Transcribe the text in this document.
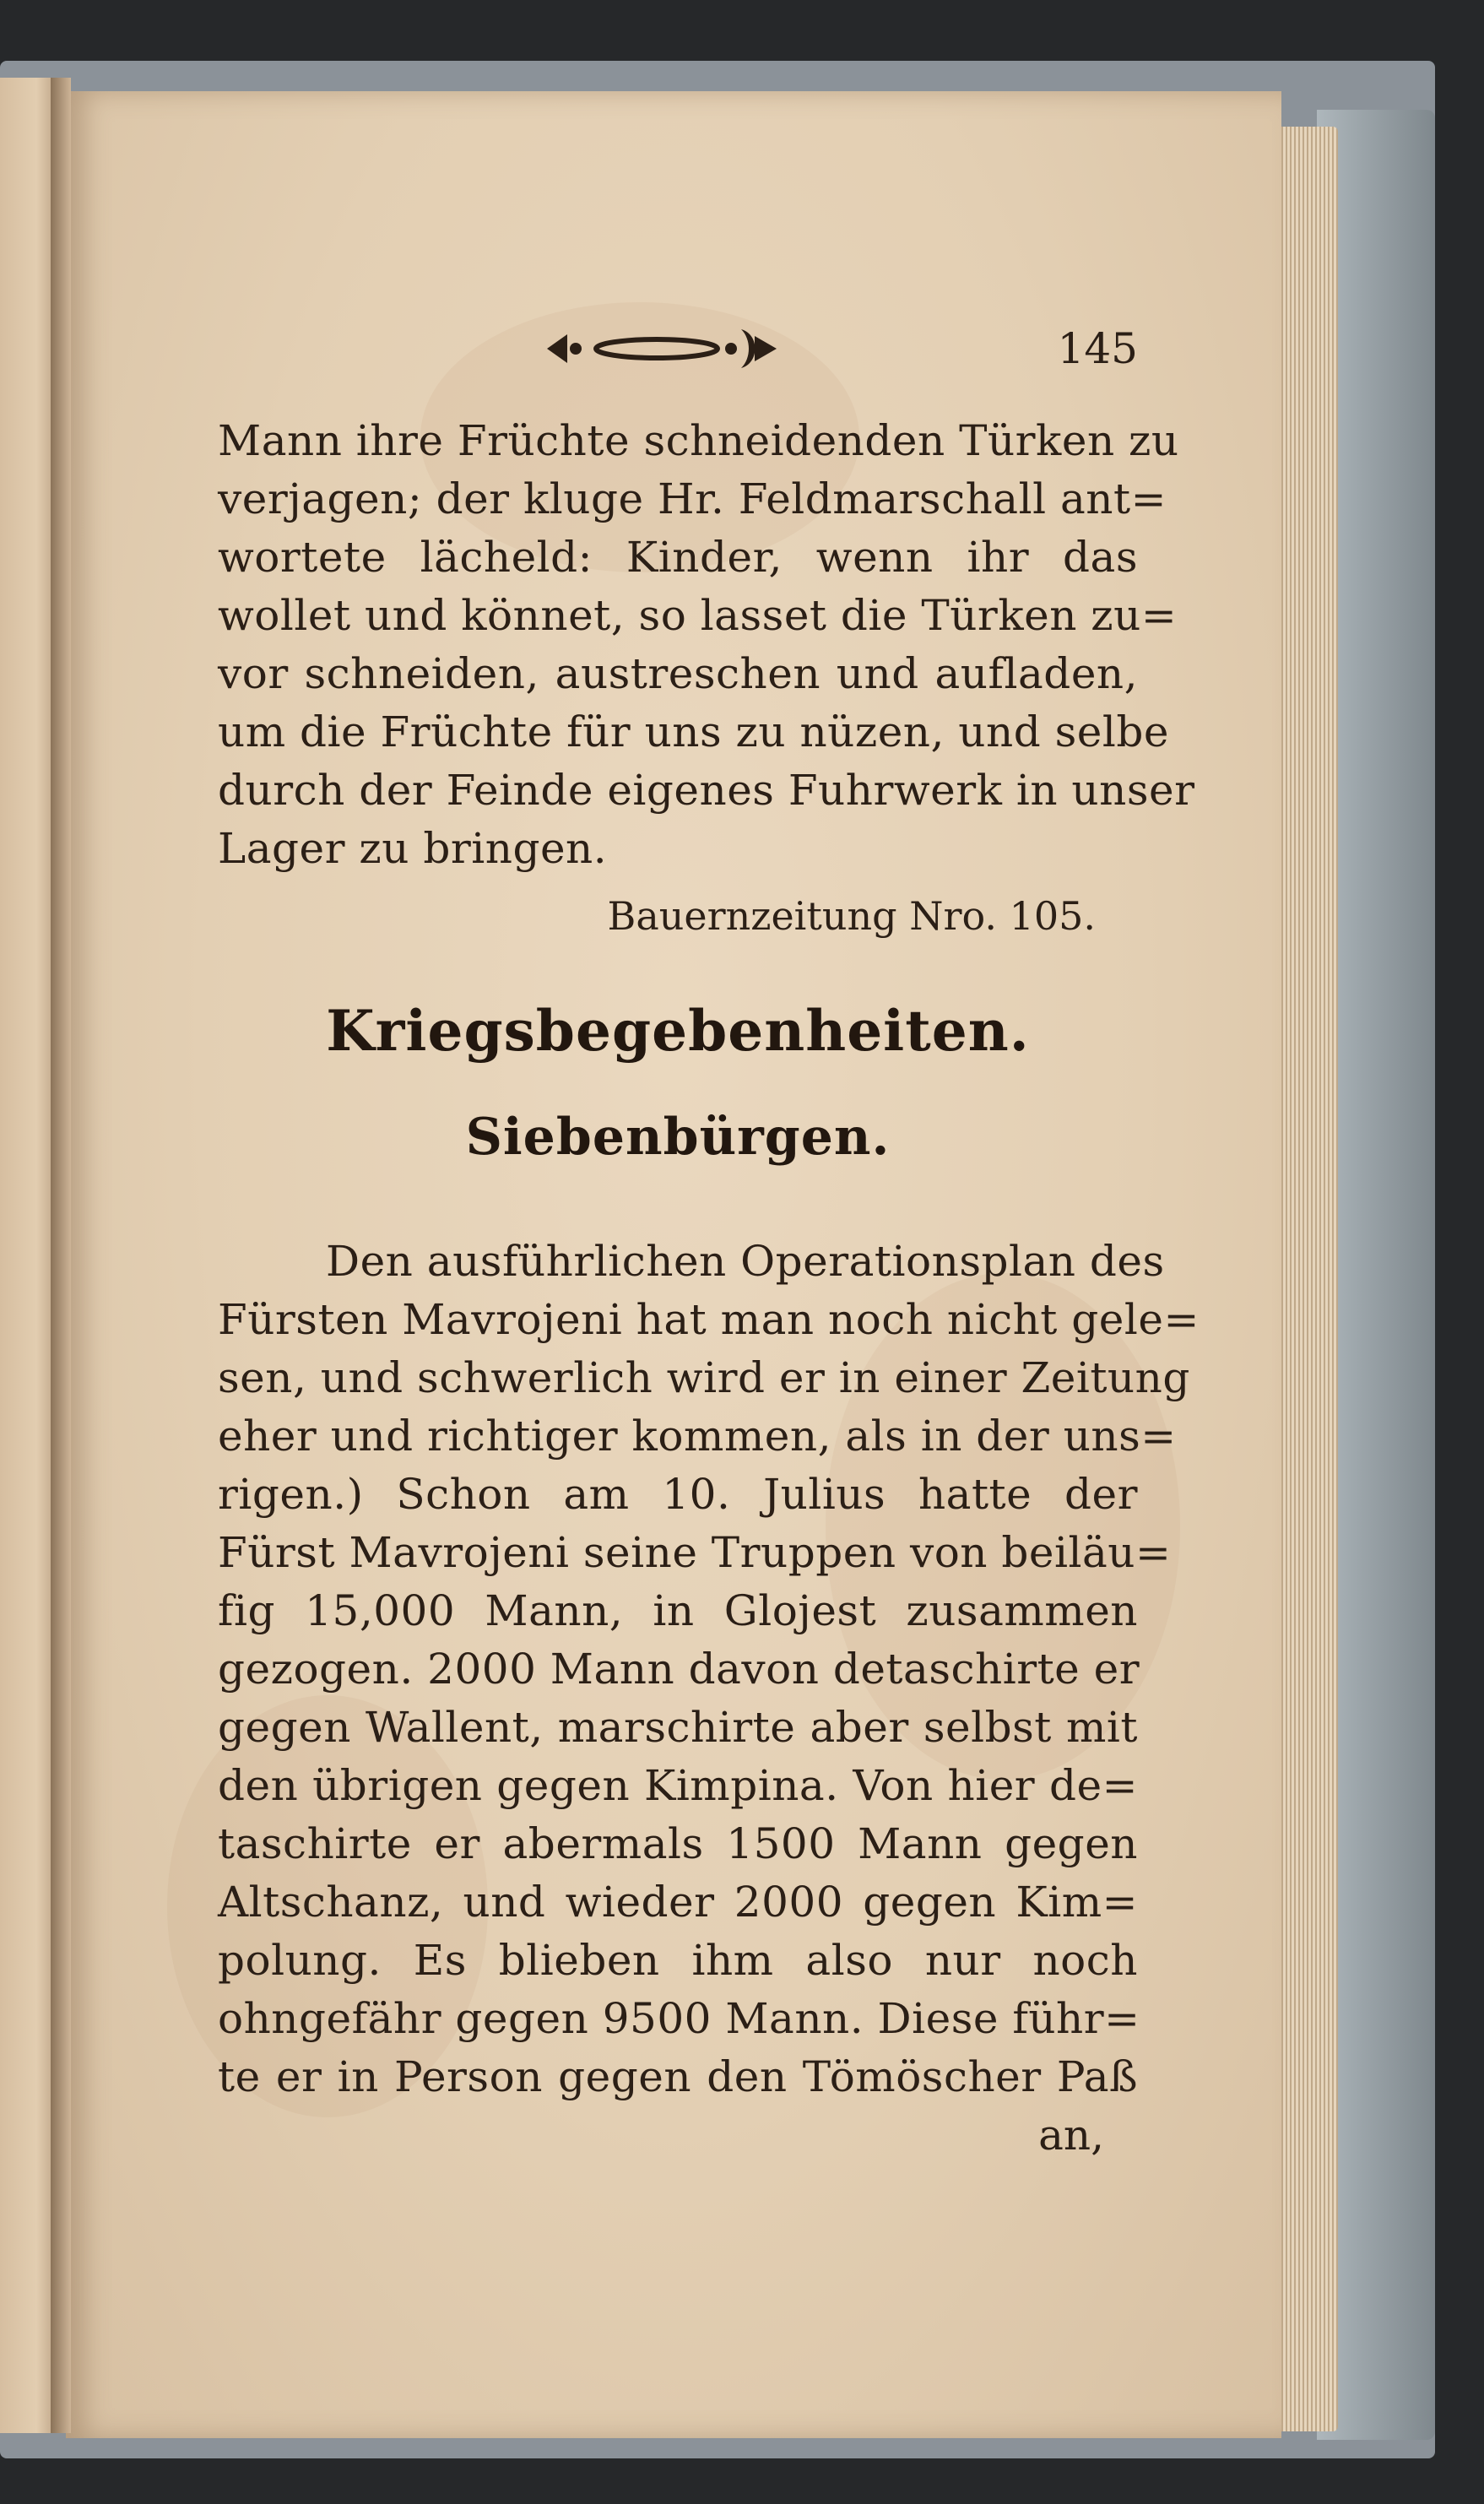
145

Mann ihre Früchte schneidenden Türken zu

verjagen; der kluge Hr. Feldmarschall ant=

wortete lächeld: Kinder, wenn ihr das

wollet und könnet, so lasset die Türken zu=

vor schneiden, austreschen und aufladen,

um die Früchte für uns zu nüzen, und selbe

durch der Feinde eigenes Fuhrwerk in unser

Lager zu bringen.

Bauernzeitung Nro. 105.
Kriegsbegebenheiten.
Siebenbürgen.

Den ausführlichen Operationsplan des

Fürsten Mavrojeni hat man noch nicht gele=

sen, und schwerlich wird er in einer Zeitung

eher und richtiger kommen, als in der uns=

rigen.) Schon am 10. Julius hatte der

Fürst Mavrojeni seine Truppen von beiläu=

fig 15,000 Mann, in Glojest zusammen

gezogen. 2000 Mann davon detaschirte er

gegen Wallent, marschirte aber selbst mit

den übrigen gegen Kimpina. Von hier de=

taschirte er abermals 1500 Mann gegen

Altschanz, und wieder 2000 gegen Kim=

polung. Es blieben ihm also nur noch

ohngefähr gegen 9500 Mann. Diese führ=

te er in Person gegen den Tömöscher Paß

an,
